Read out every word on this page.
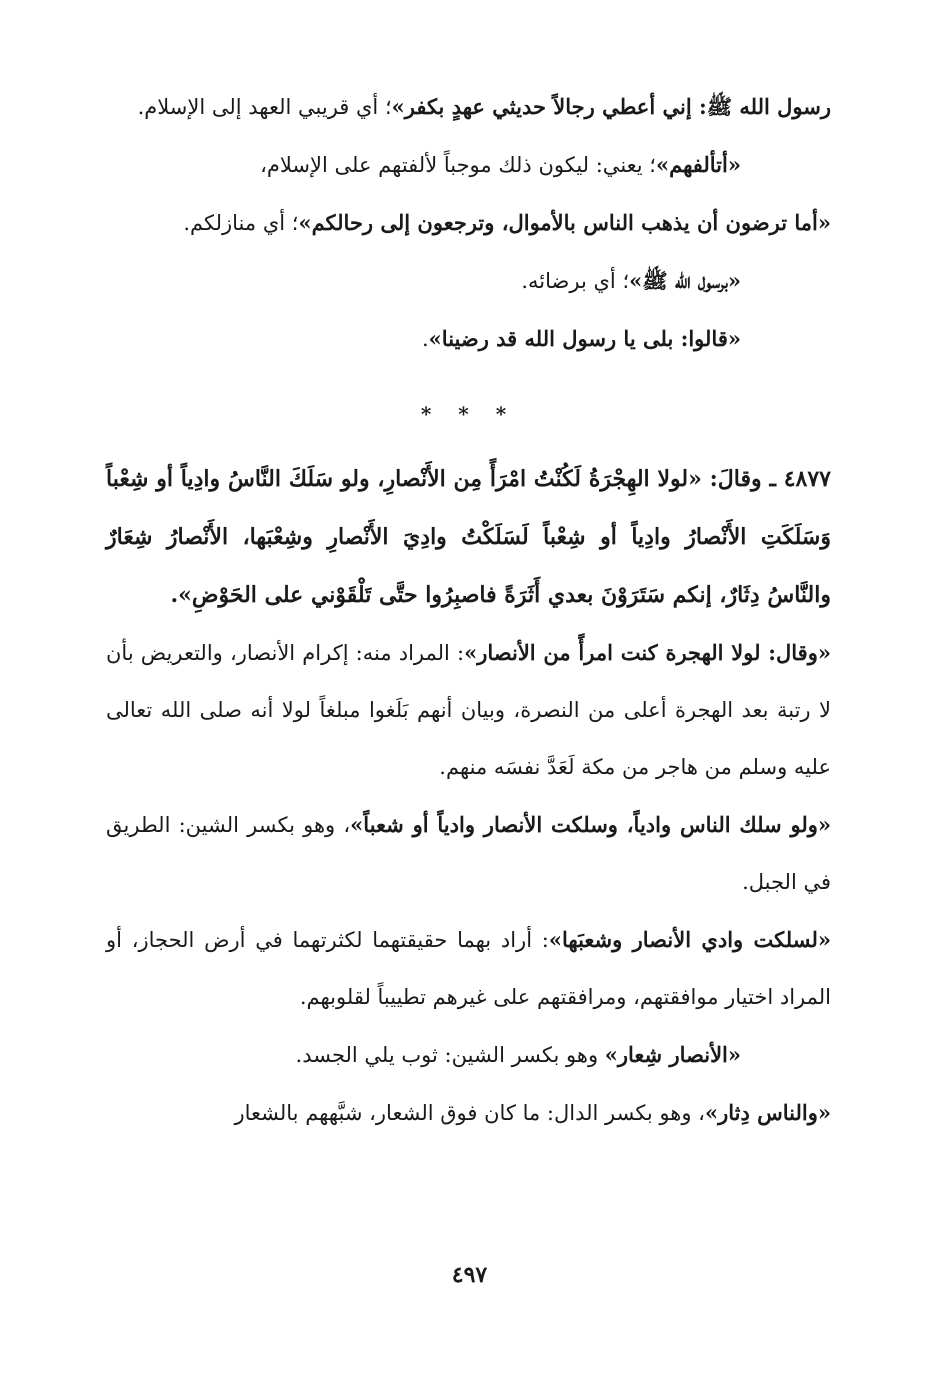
رسول الله ﷺ: إني أعطي رجالاً حديثي عهدٍ بكفر»؛ أي قريبي العهد إلى الإسلام.

«أتألفهم»؛ يعني: ليكون ذلك موجباً لألفتهم على الإسلام،

«أما ترضون أن يذهب الناس بالأموال، وترجعون إلى رحالكم»؛ أي منازلكم.

«برسول الله ﷺ»؛ أي برضائه.

«قالوا: بلى يا رسول الله قد رضينا».

* * *

٤٨٧٧ ـ وقالَ: «لولا الهِجْرَةُ لَكُنْتُ امْرَأً مِن الأَنْصارِ، ولو سَلَكَ النَّاسُ وادِياً أو شِعْباً وَسَلَكَتِ الأَنْصارُ وادِياً أو شِعْباً لَسَلَكْتُ وادِيَ الأَنْصارِ وشِعْبَها، الأَنْصارُ شِعَارٌ والنَّاسُ دِثَارٌ، إنكم سَتَرَوْنَ بعدي أَثَرَةً فاصبِرُوا حتَّى تَلْقَوْني على الحَوْضِ».

«وقال: لولا الهجرة كنت امرأً من الأنصار»: المراد منه: إكرام الأنصار، والتعريض بأن لا رتبة بعد الهجرة أعلى من النصرة، وبيان أنهم بَلَغوا مبلغاً لولا أنه صلى الله تعالى عليه وسلم من هاجر من مكة لَعَدَّ نفسَه منهم.

«ولو سلك الناس وادياً، وسلكت الأنصار وادياً أو شعباً»، وهو بكسر الشين: الطريق في الجبل.

«لسلكت وادي الأنصار وشعبَها»: أراد بهما حقيقتهما لكثرتهما في أرض الحجاز، أو المراد اختيار موافقتهم، ومرافقتهم على غيرهم تطييباً لقلوبهم.

«الأنصار شِعار» وهو بكسر الشين: ثوب يلي الجسد.

«والناس دِثار»، وهو بكسر الدال: ما كان فوق الشعار، شبَّههم بالشعار

٤٩٧
